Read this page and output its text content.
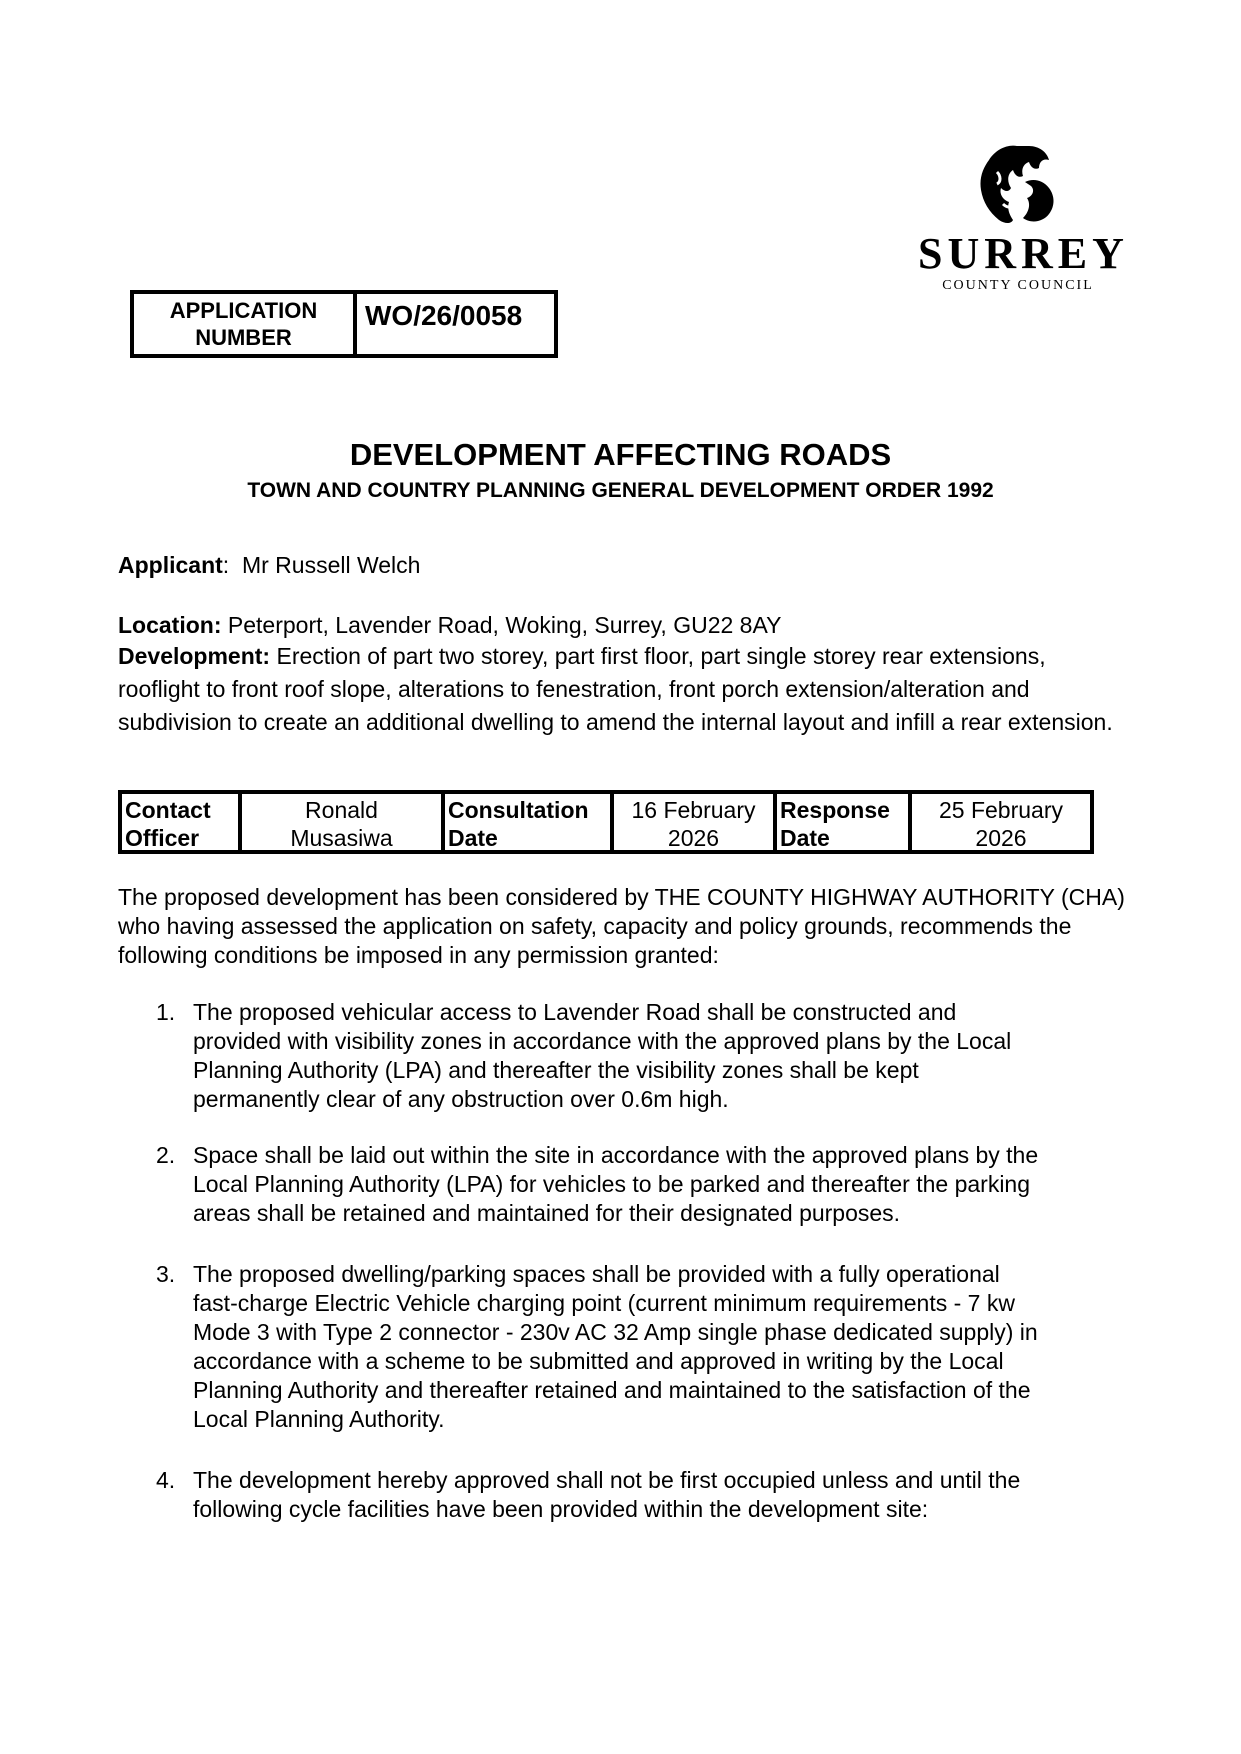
SURREY
COUNTY COUNCIL
APPLICATION
NUMBER
WO/26/0058
DEVELOPMENT AFFECTING ROADS
TOWN AND COUNTRY PLANNING GENERAL DEVELOPMENT ORDER 1992
Applicant:  Mr Russell Welch
Location: Peterport, Lavender Road, Woking, Surrey, GU22 8AY
Development: Erection of part two storey, part first floor, part single storey rear extensions, rooflight to front roof slope, alterations to fenestration, front porch extension/alteration and subdivision to create an additional dwelling to amend the internal layout and infill a rear extension.
Contact
Officer
Ronald
Musasiwa
Consultation
Date
16 February
2026
Response
Date
25 February
2026
The proposed development has been considered by THE COUNTY HIGHWAY AUTHORITY (CHA) who having assessed the application on safety, capacity and policy grounds, recommends the following conditions be imposed in any permission granted:
1. The proposed vehicular access to Lavender Road shall be constructed and
provided with visibility zones in accordance with the approved plans by the Local
Planning Authority (LPA) and thereafter the visibility zones shall be kept
permanently clear of any obstruction over 0.6m high.
2. Space shall be laid out within the site in accordance with the approved plans by the
Local Planning Authority (LPA) for vehicles to be parked and thereafter the parking
areas shall be retained and maintained for their designated purposes.
3. The proposed dwelling/parking spaces shall be provided with a fully operational
fast-charge Electric Vehicle charging point (current minimum requirements - 7 kw
Mode 3 with Type 2 connector - 230v AC 32 Amp single phase dedicated supply) in
accordance with a scheme to be submitted and approved in writing by the Local
Planning Authority and thereafter retained and maintained to the satisfaction of the
Local Planning Authority.
4. The development hereby approved shall not be first occupied unless and until the
following cycle facilities have been provided within the development site:
